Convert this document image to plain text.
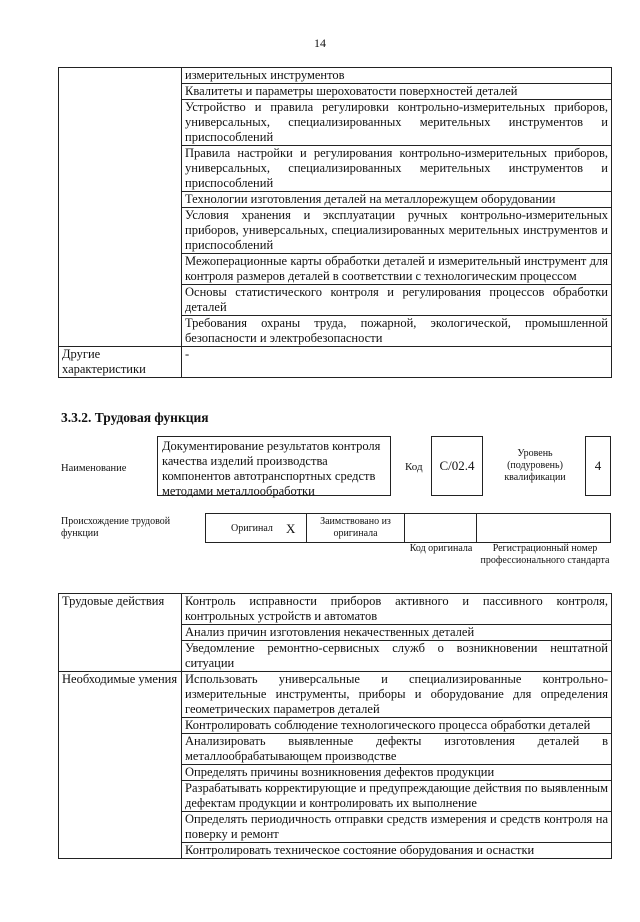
14
	измерительных инструментов
	Квалитеты и параметры шероховатости поверхностей деталей
	Устройство и правила регулировки контрольно-измерительных приборов, универсальных, специализированных мерительных инструментов и приспособлений
	Правила настройки и регулирования контрольно-измерительных приборов, универсальных, специализированных мерительных инструментов и приспособлений
	Технологии изготовления деталей на металлорежущем оборудовании
	Условия хранения и эксплуатации ручных контрольно-измерительных приборов, универсальных, специализированных мерительных инструментов и приспособлений
	Межоперационные карты обработки деталей и измерительный инструмент для контроля размеров деталей в соответствии с технологическим процессом
	Основы статистического контроля и регулирования процессов обработки деталей
	Требования охраны труда, пожарной, экологической, промышленной безопасности и электробезопасности
Другие характеристики	-
3.3.2. Трудовая функция
Наименование
Документирование результатов контроля качества изделий производства компонентов автотранспортных средств методами металлообработки
Код	С/02.4
Уровень (подуровень) квалификации
4
Происхождение трудовой функции	Оригинал X	Заимствовано из оригинала
Код оригинала	Регистрационный номер профессионального стандарта
Трудовые действия	Контроль исправности приборов активного и пассивного контроля, контрольных устройств и автоматов
	Анализ причин изготовления некачественных деталей
	Уведомление ремонтно-сервисных служб о возникновении нештатной ситуации
Необходимые умения	Использовать универсальные и специализированные контрольно-измерительные инструменты, приборы и оборудование для определения геометрических параметров деталей
	Контролировать соблюдение технологического процесса обработки деталей
	Анализировать выявленные дефекты изготовления деталей в металлообрабатывающем производстве
	Определять причины возникновения дефектов продукции
	Разрабатывать корректирующие и предупреждающие действия по выявленным дефектам продукции и контролировать их выполнение
	Определять периодичность отправки средств измерения и средств контроля на поверку и ремонт
	Контролировать техническое состояние оборудования и оснастки
